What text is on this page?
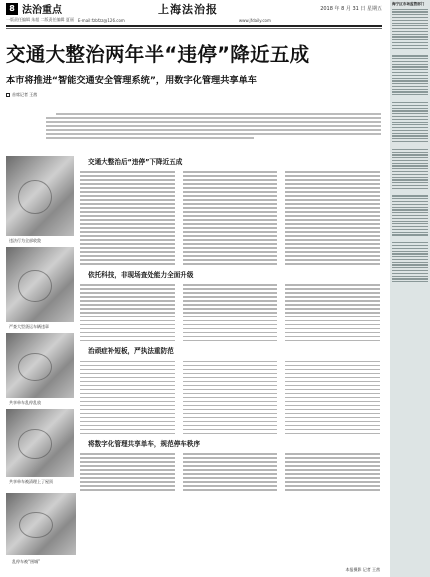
8 法治重点	上海法治报	2018 年 8 月 31 日 星期五
一版责任编辑 朱超 二版责任编辑 夏丽 E-mail:fzbfzz@126.com	www.jfdaily.com
交通大整治两年半“违停”降近五成
本市将推进“智能交通安全管理系统”，用数字化管理共享单车
首席记者 王茜
违法行为全部收敛
严查大型货运车辆违章
共享单车乱停乱放
共享单车被清理上了屋顶
交通大整治后“违停”下降近五成
依托科技，非现场查处能力全面升级
治顽症补短板，严执法重防范
将数字化管理共享单车，规范停车秩序
乱停车被“围城”
本报摄影 记者 王茜
海宁区市场监管部门
